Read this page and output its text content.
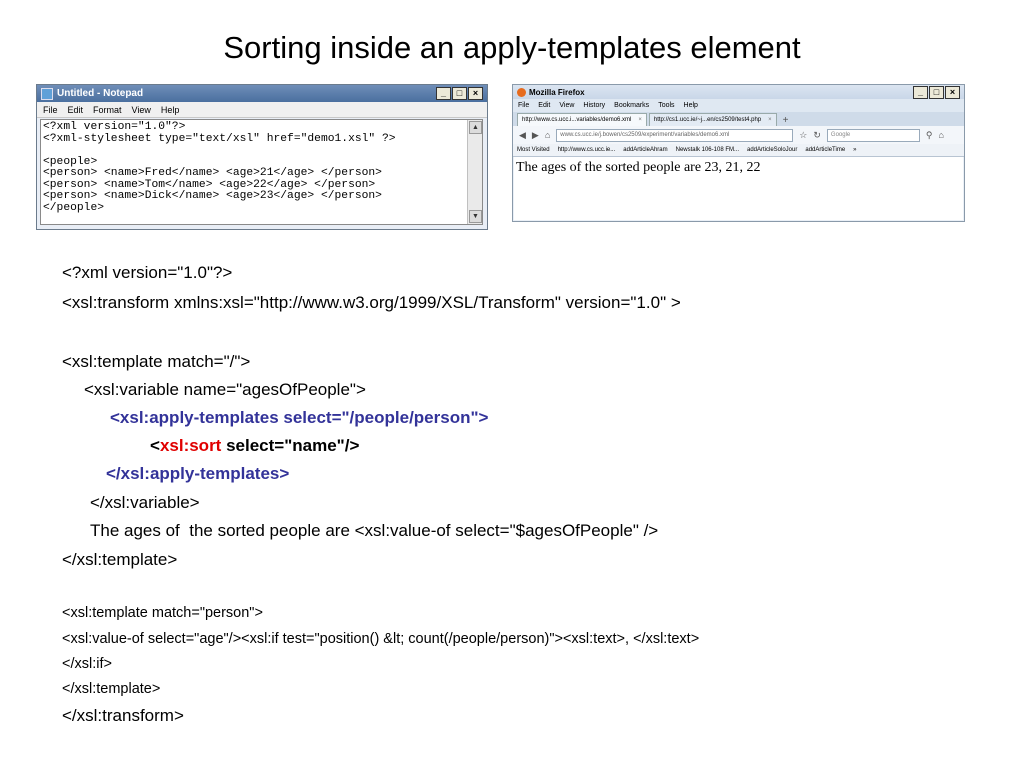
Sorting inside an apply-templates element
Untitled - Notepad	_	□	×
File Edit Format View Help
<?xml version="1.0"?>
<?xml-stylesheet type="text/xsl" href="demo1.xsl" ?>
<people>
<person> <name>Fred</name> <age>21</age> </person>
<person> <name>Tom</name> <age>22</age> </person>
<person> <name>Dick</name> <age>23</age> </person>
</people>
▲
▼
Mozilla Firefox	_	□	×
File Edit View History Bookmarks Tools Help
http://www.cs.ucc.i...variables/demo6.xml × http://cs1.ucc.ie/~j...en/cs2509/test4.php ×	+
◀ ▶ ⌂ www.cs.ucc.ie/j.bowen/cs2509/experiment/variables/demo6.xml	☆ ↻ Google	⚲ ⌂
Most Visited http://www.cs.ucc.ie... addArticleAhram Newstalk 106-108 FM... addArticleSoloJour addArticleTime »
The ages of the sorted people are 23, 21, 22
<?xml version="1.0"?>
<xsl:transform xmlns:xsl="http://www.w3.org/1999/XSL/Transform" version="1.0" >
<xsl:template match="/">
<xsl:variable name="agesOfPeople">
<xsl:apply-templates select="/people/person">
<xsl:sort select="name"/>
</xsl:apply-templates>
</xsl:variable>
The ages of  the sorted people are <xsl:value-of select="$agesOfPeople" />
</xsl:template>
<xsl:template match="person">
<xsl:value-of select="age"/><xsl:if test="position() &lt; count(/people/person)"><xsl:text>, </xsl:text>
</xsl:if>
</xsl:template>
</xsl:transform>
